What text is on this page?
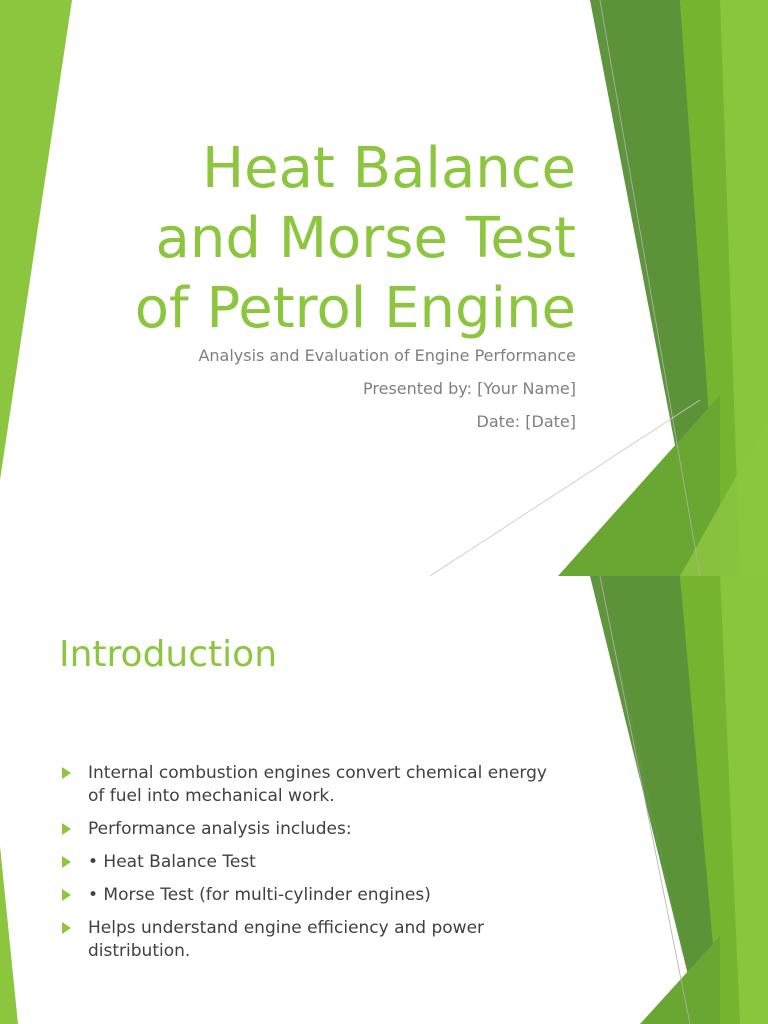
Heat Balance
and Morse Test
of Petrol Engine
Analysis and Evaluation of Engine Performance
Presented by: [Your Name]
Date: [Date]
Introduction
Internal combustion engines convert chemical energy of fuel into mechanical work.
Performance analysis includes:
• Heat Balance Test
• Morse Test (for multi-cylinder engines)
Helps understand engine efficiency and power distribution.
